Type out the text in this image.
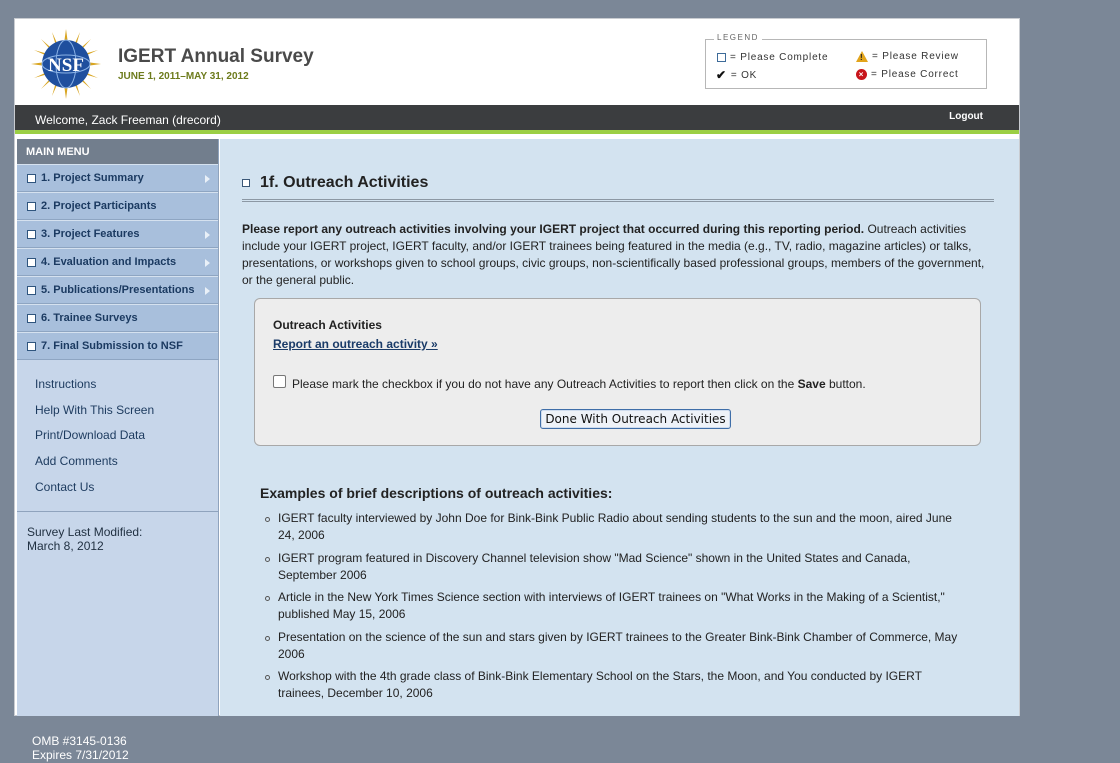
NSF IGERT Annual Survey
JUNE 1, 2011–MAY 31, 2012
LEGEND
= Please Complete
!	= Please Review
✔ = OK	× = Please Correct
Welcome, Zack Freeman (drecord)	Logout
MAIN MENU
1. Project Summary
2. Project Participants
3. Project Features
4. Evaluation and Impacts
5. Publications/Presentations
6. Trainee Surveys
7. Final Submission to NSF
Instructions
Help With This Screen
Print/Download Data
Add Comments
Contact Us
Survey Last Modified:
March 8, 2012
1f. Outreach Activities

Please report any outreach activities involving your IGERT project that occurred during this reporting period. Outreach activities include your IGERT project, IGERT faculty, and/or IGERT trainees being featured in the media (e.g., TV, radio, magazine articles) or talks, presentations, or workshops given to school groups, civic groups, non-scientifically based professional groups, members of the government, or the general public.

Outreach Activities
Report an outreach activity »
Please mark the checkbox if you do not have any Outreach Activities to report then click on the Save button.
Done With Outreach Activities
Examples of brief descriptions of outreach activities:
IGERT faculty interviewed by John Doe for Bink-Bink Public Radio about sending students to the sun and the moon, aired June 24, 2006
IGERT program featured in Discovery Channel television show "Mad Science" shown in the United States and Canada, September 2006
Article in the New York Times Science section with interviews of IGERT trainees on "What Works in the Making of a Scientist," published May 15, 2006
Presentation on the science of the sun and stars given by IGERT trainees to the Greater Bink-Bink Chamber of Commerce, May 2006
Workshop with the 4th grade class of Bink-Bink Elementary School on the Stars, the Moon, and You conducted by IGERT trainees, December 10, 2006
OMB #3145-0136
Expires 7/31/2012
